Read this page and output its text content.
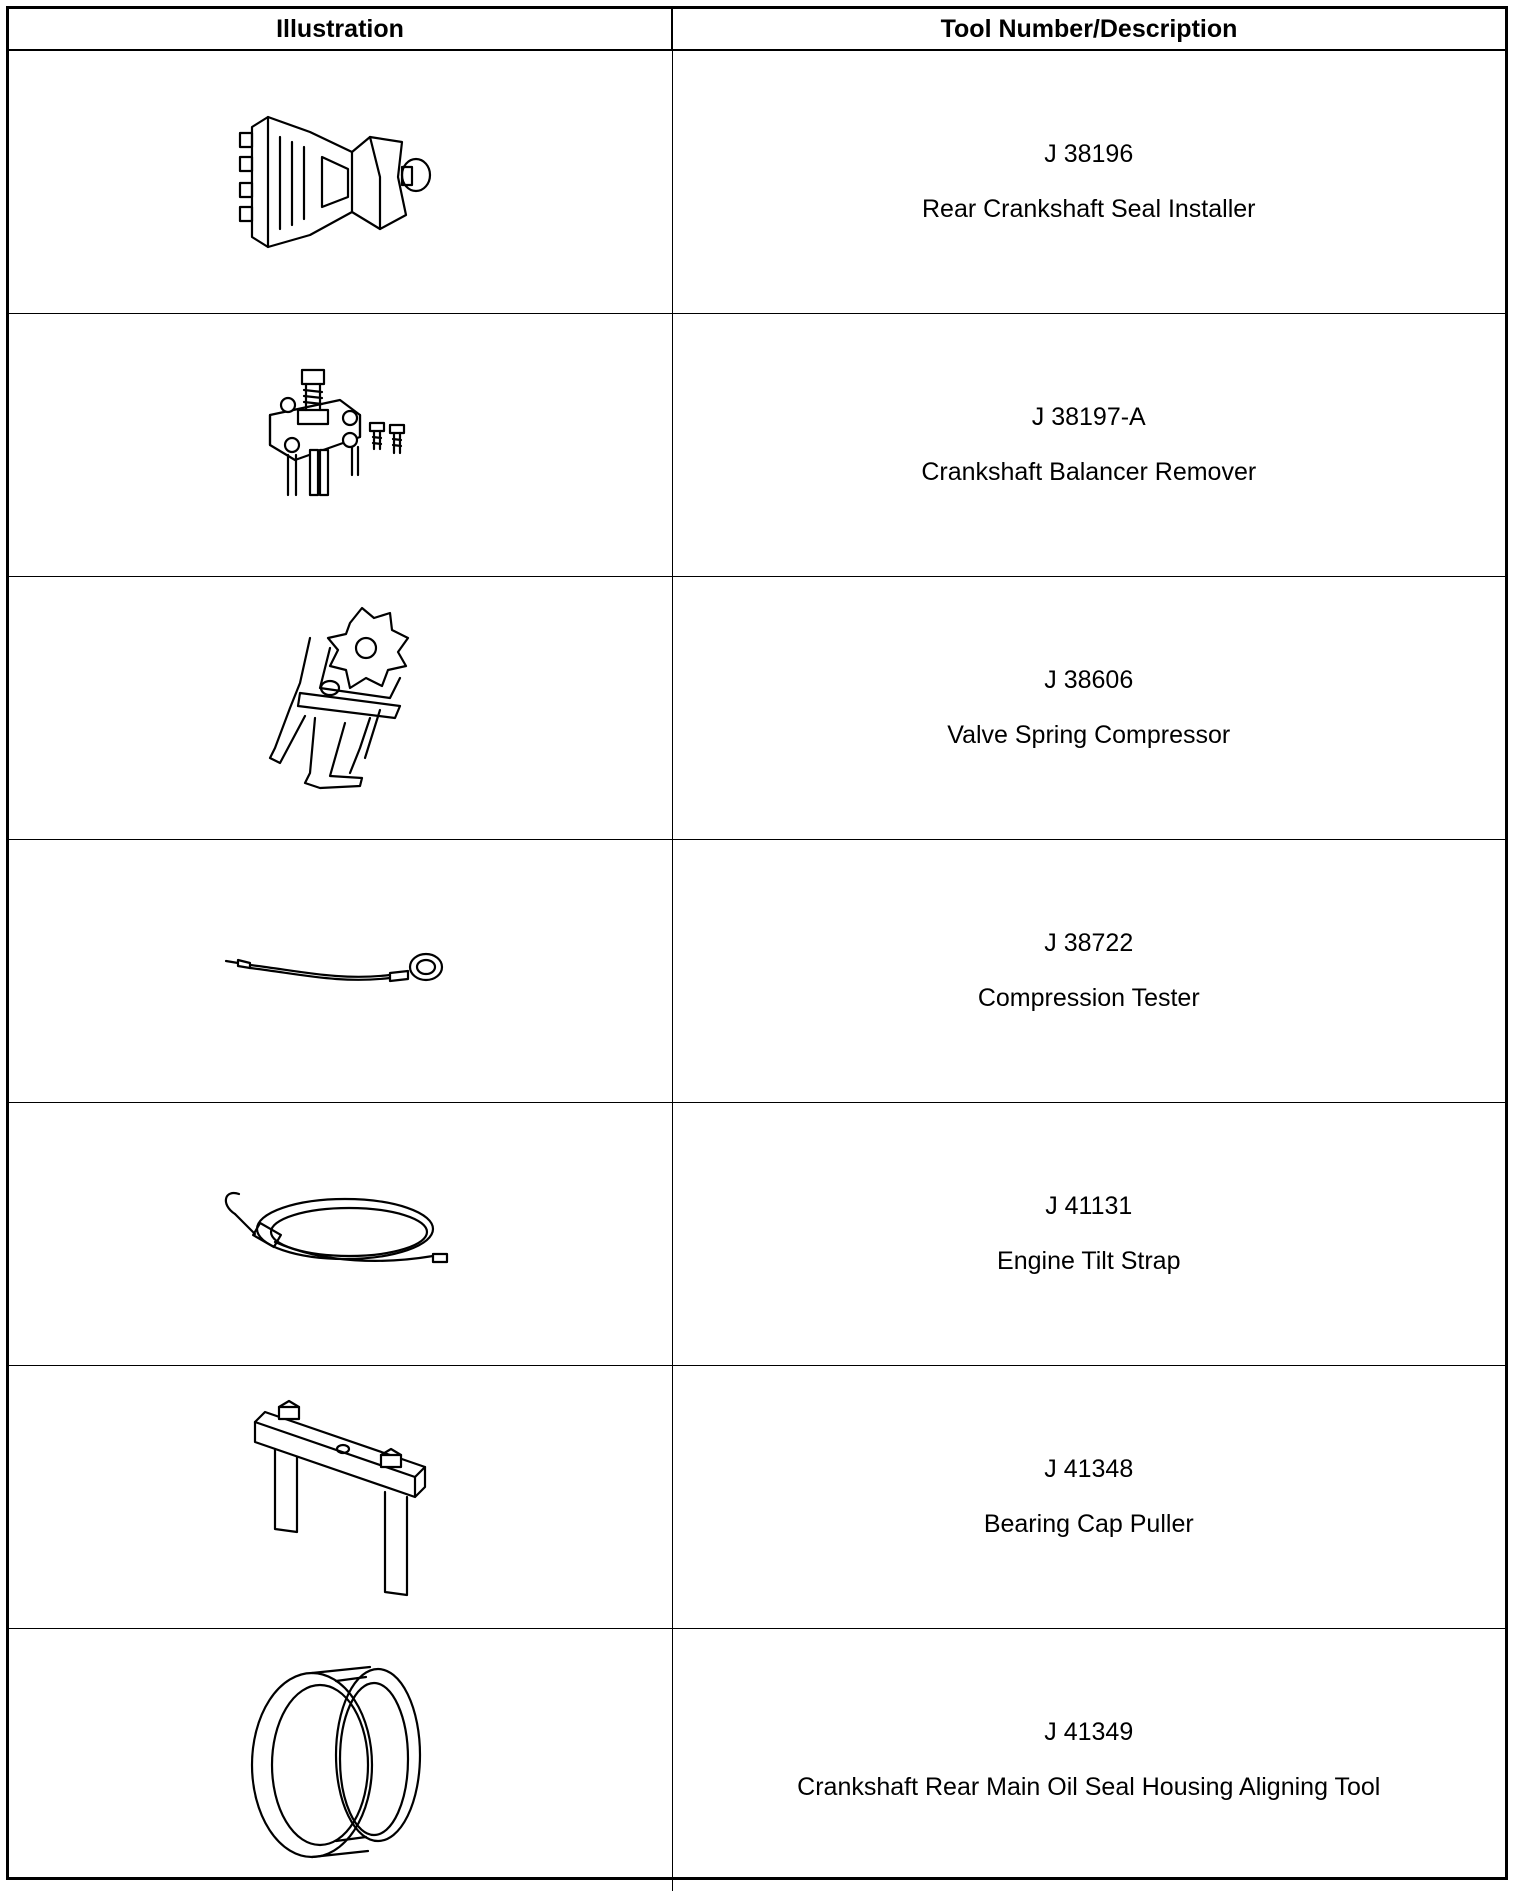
Illustration	Tool Number/Description

J 38196
Rear Crankshaft Seal Installer

J 38197-A
Crankshaft Balancer Remover

J 38606
Valve Spring Compressor

J 38722
Compression Tester

J 41131
Engine Tilt Strap

J 41348
Bearing Cap Puller

J 41349
Crankshaft Rear Main Oil Seal Housing Aligning Tool
